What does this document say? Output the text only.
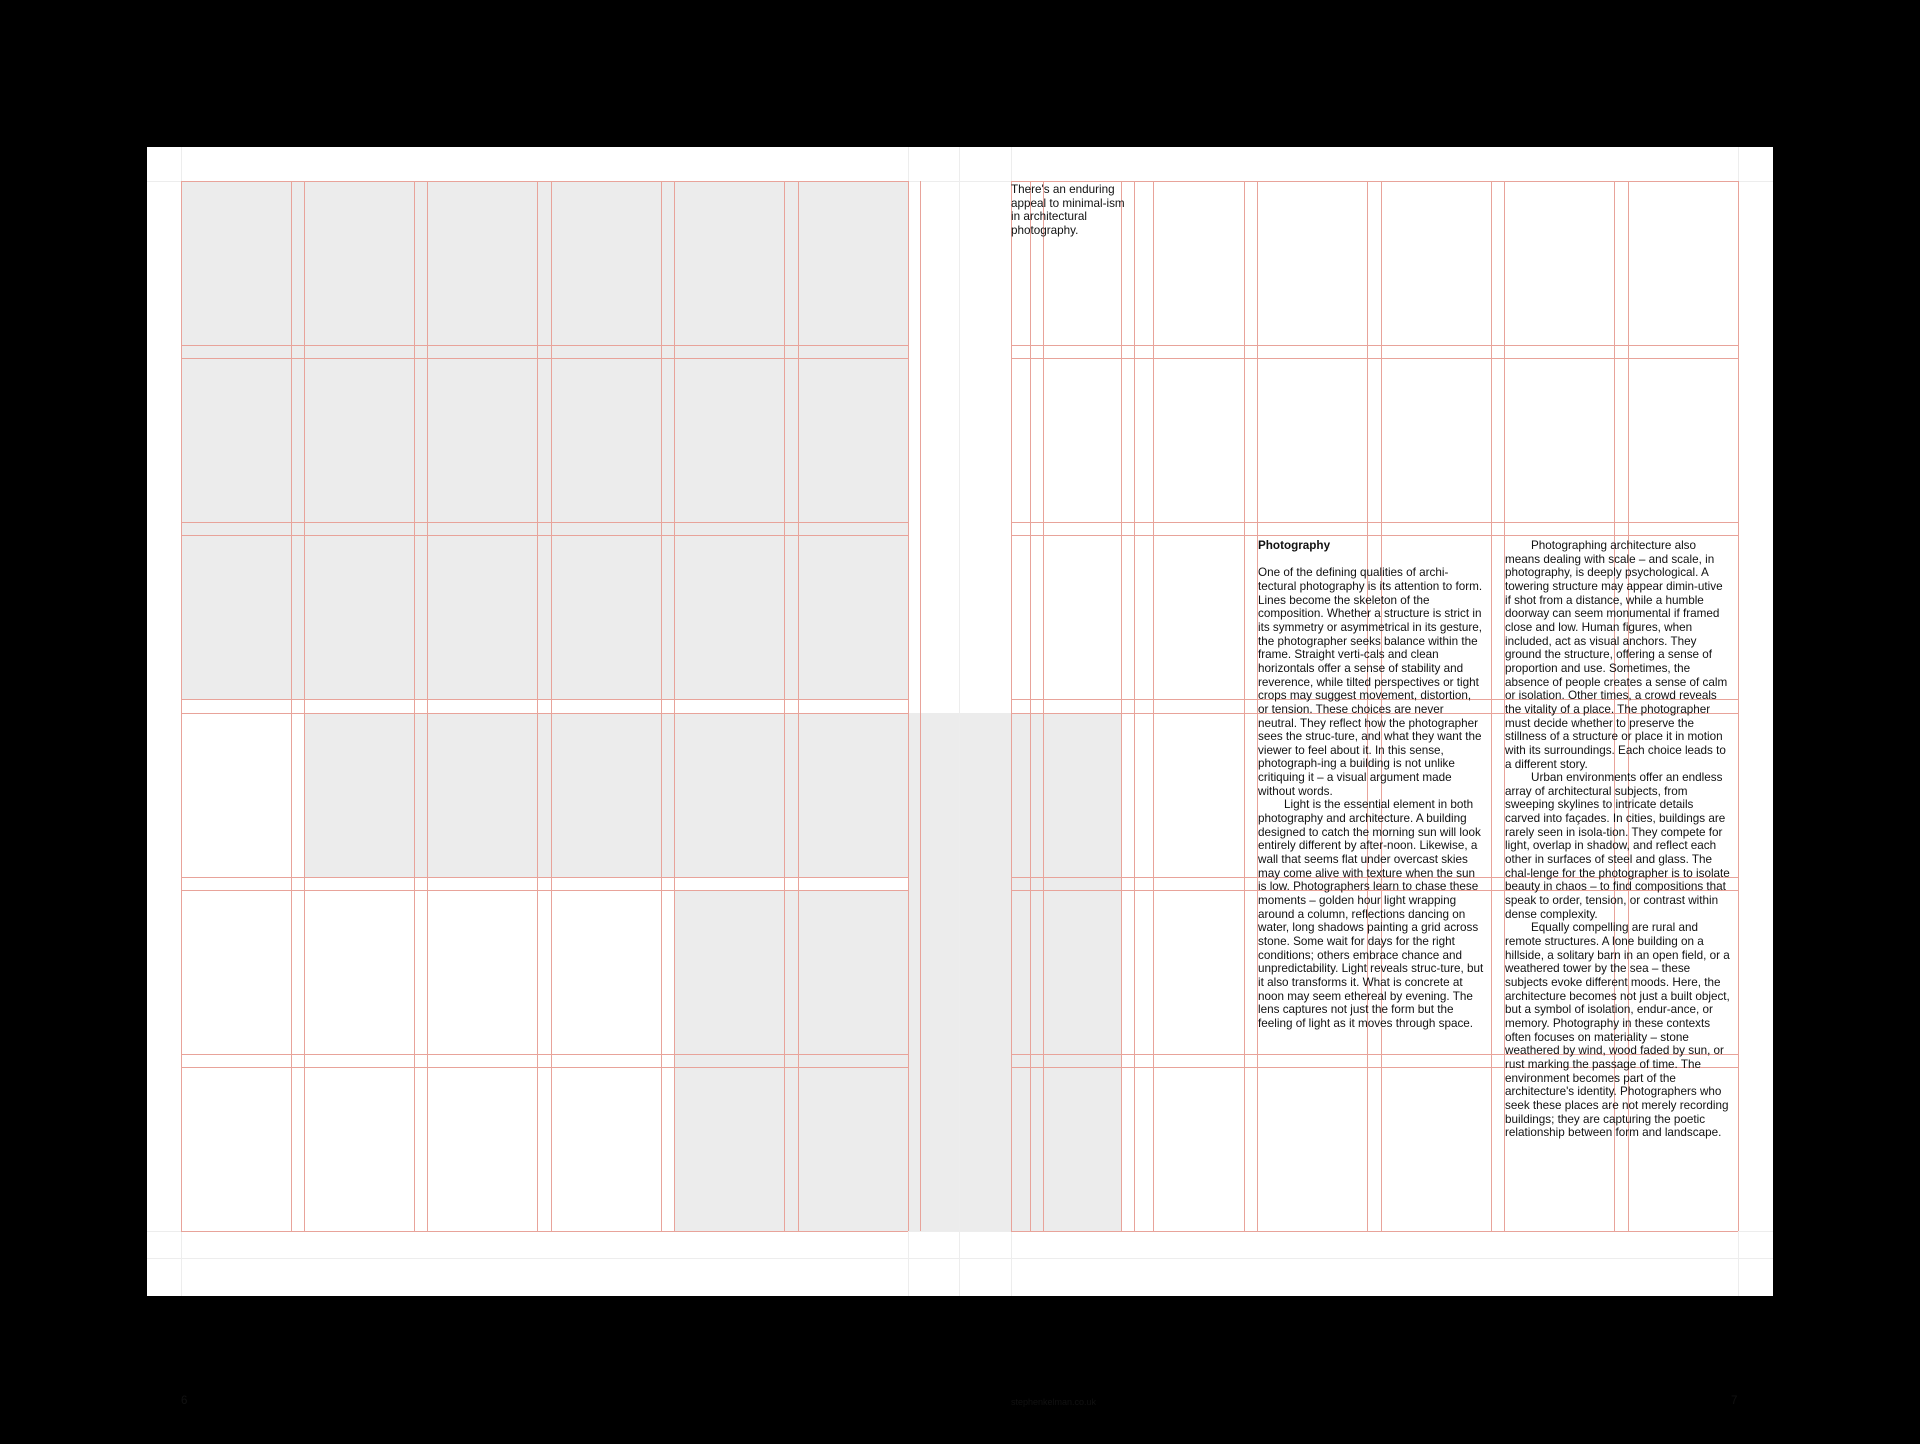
There's an enduring appeal to minimal-ism in architectural photography.

Photography

One of the defining qualities of archi-tectural photography is its attention to form. Lines become the skeleton of the composition. Whether a structure is strict in its symmetry or asymmetrical in its gesture, the photographer seeks balance within the frame. Straight verti-cals and clean horizontals offer a sense of stability and reverence, while tilted perspectives or tight crops may suggest movement, distortion, or tension. These choices are never neutral. They reflect how the photographer sees the struc-ture, and what they want the viewer to feel about it. In this sense, photograph-ing a building is not unlike critiquing it – a visual argument made without words.

Light is the essential element in both photography and architecture. A building designed to catch the morning sun will look entirely different by after-noon. Likewise, a wall that seems flat under overcast skies may come alive with texture when the sun is low. Photographers learn to chase these moments – golden hour light wrapping around a column, reflections dancing on water, long shadows painting a grid across stone. Some wait for days for the right conditions; others embrace chance and unpredictability. Light reveals struc-ture, but it also transforms it. What is concrete at noon may seem ethereal by evening. The lens captures not just the form but the feeling of light as it moves through space.

Photographing architecture also means dealing with scale – and scale, in photography, is deeply psychological. A towering structure may appear dimin-utive if shot from a distance, while a humble doorway can seem monumental if framed close and low. Human figures, when included, act as visual anchors. They ground the structure, offering a sense of proportion and use. Sometimes, the absence of people creates a sense of calm or isolation. Other times, a crowd reveals the vitality of a place. The photographer must decide whether to preserve the stillness of a structure or place it in motion with its surroundings. Each choice leads to a different story.

Urban environments offer an endless array of architectural subjects, from sweeping skylines to intricate details carved into façades. In cities, buildings are rarely seen in isola-tion. They compete for light, overlap in shadow, and reflect each other in surfaces of steel and glass. The chal-lenge for the photographer is to isolate beauty in chaos – to find compositions that speak to order, tension, or contrast within dense complexity.

Equally compelling are rural and remote structures. A lone building on a hillside, a solitary barn in an open field, or a weathered tower by the sea – these subjects evoke different moods. Here, the architecture becomes not just a built object, but a symbol of isolation, endur-ance, or memory. Photography in these contexts often focuses on materiality – stone weathered by wind, wood faded by sun, or rust marking the passage of time. The environment becomes part of the architecture's identity. Photographers who seek these places are not merely recording buildings; they are capturing the poetic relationship between form and landscape.

6	stephenkelman.co.uk	7
